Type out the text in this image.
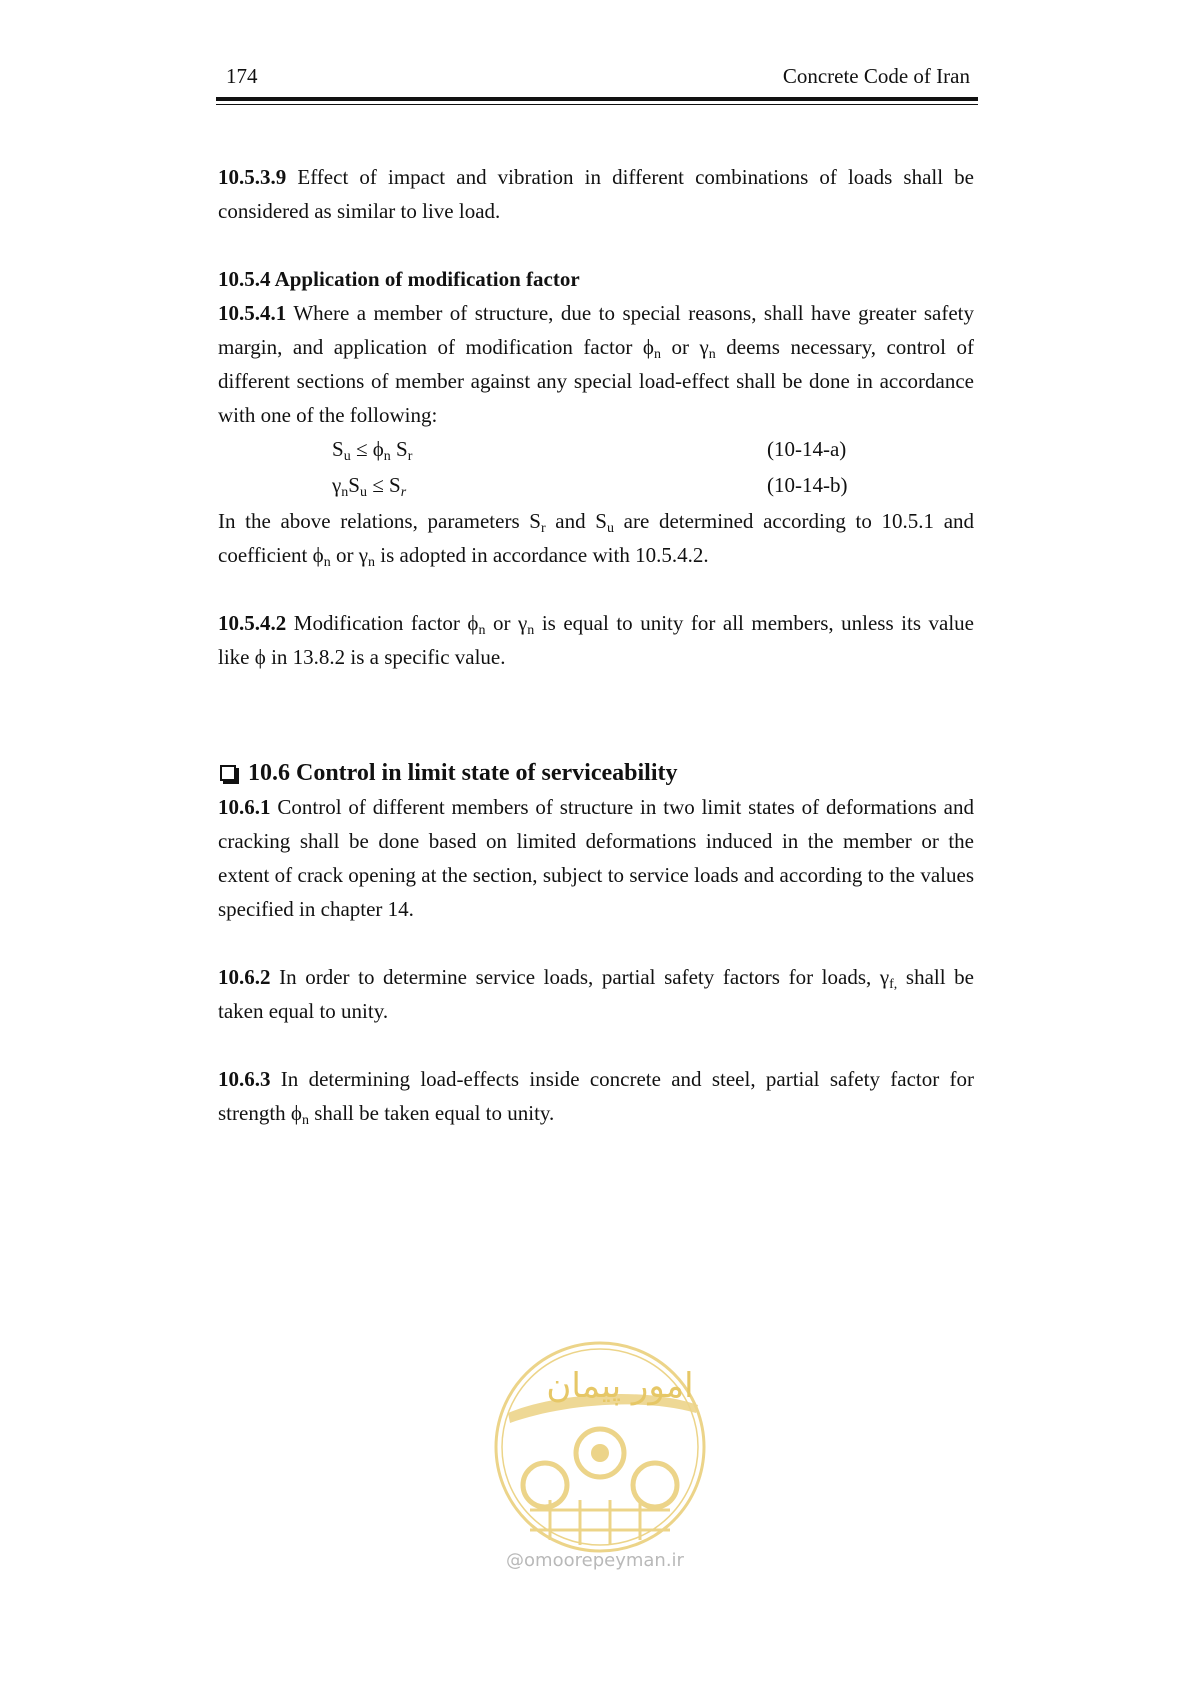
174	Concrete Code of Iran

10.5.3.9 Effect of impact and vibration in different combinations of loads shall be considered as similar to live load.

10.5.4 Application of modification factor

10.5.4.1 Where a member of structure, due to special reasons, shall have greater safety margin, and application of modification factor $\phi_n$ or $\gamma_n$ deems necessary, control of different sections of member against any special load-effect shall be done in accordance with one of the following:

$S_u \le \phi_n$ $S_r$	(10-14-a)
$\gamma_nS_u \le S_r$	(10-14-b)

In the above relations, parameters $S_r$ and $S_u$ are determined according to 10.5.1 and coefficient $\phi_n$ or $\gamma_n$ is adopted in accordance with 10.5.4.2.

10.5.4.2 Modification factor $\phi_n$ or $\gamma_n$ is equal to unity for all members, unless its value like ϕ in 13.8.2 is a specific value.

10.6 Control in limit state of serviceability

10.6.1 Control of different members of structure in two limit states of deformations and cracking shall be done based on limited deformations induced in the member or the extent of crack opening at the section, subject to service loads and according to the values specified in chapter 14.

10.6.2 In order to determine service loads, partial safety factors for loads, $\gamma_{f,}$ shall be taken equal to unity.

10.6.3 In determining load-effects inside concrete and steel, partial safety factor for strength $\phi_n$ shall be taken equal to unity.

امور پیمان
@omoorepeyman.ir
